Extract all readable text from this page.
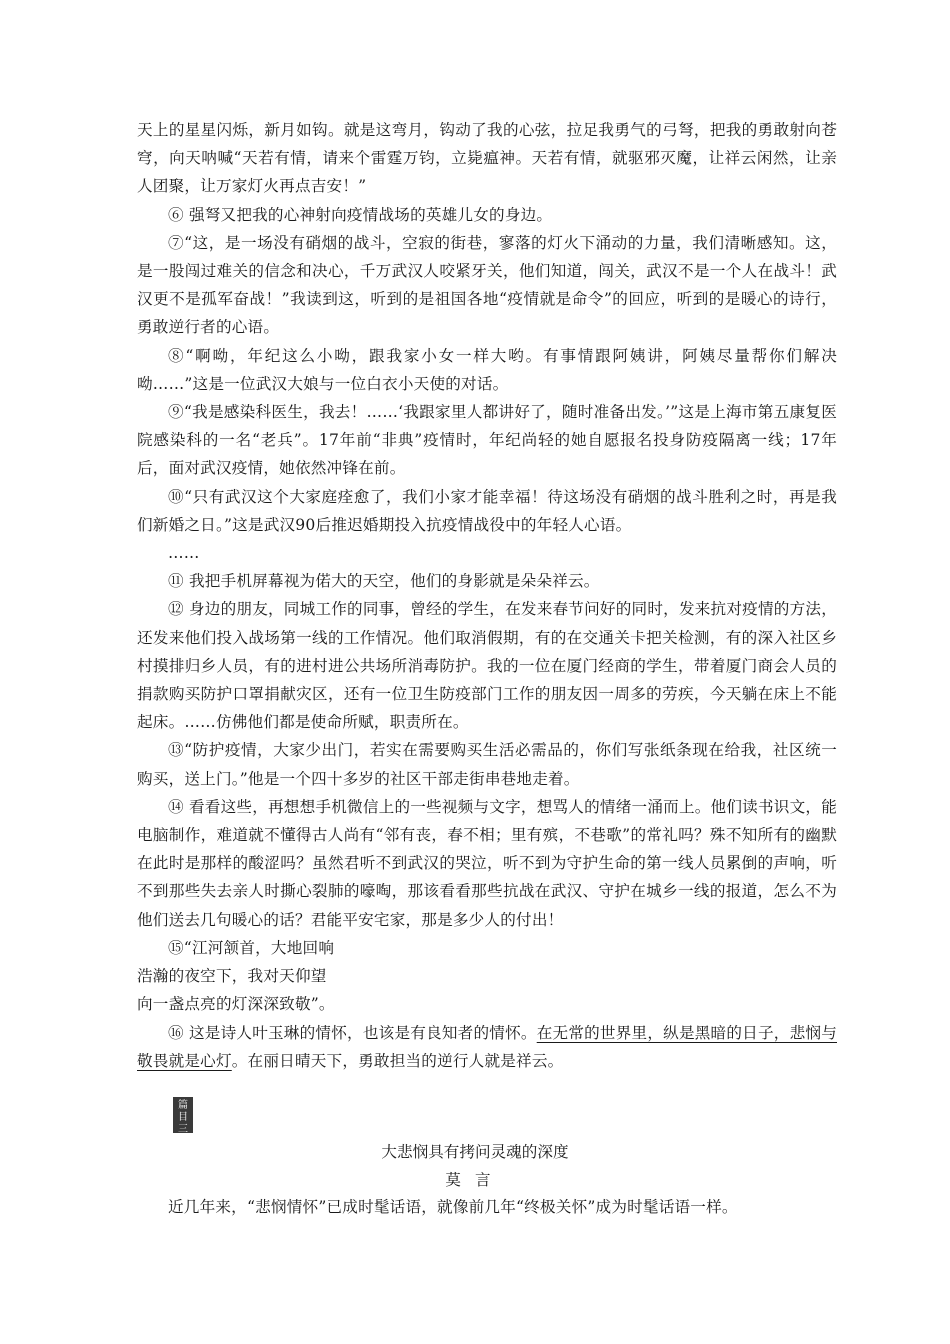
天上的星星闪烁，新月如钩。就是这弯月，钩动了我的心弦，拉足我勇气的弓弩，把我的勇敢射向苍穹，向天呐喊“天若有情，请来个雷霆万钧，立毙瘟神。天若有情，就驱邪灭魔，让祥云闲然，让亲人团聚，让万家灯火再点吉安！”

⑥ 强弩又把我的心神射向疫情战场的英雄儿女的身边。

⑦“这，是一场没有硝烟的战斗，空寂的街巷，寥落的灯火下涌动的力量，我们清晰感知。这，是一股闯过难关的信念和决心，千万武汉人咬紧牙关，他们知道，闯关，武汉不是一个人在战斗！武汉更不是孤军奋战！”我读到这，听到的是祖国各地“疫情就是命令”的回应，听到的是暖心的诗行，勇敢逆行者的心语。

⑧“啊呦，年纪这么小呦，跟我家小女一样大哟。有事情跟阿姨讲，阿姨尽量帮你们解决呦……”这是一位武汉大娘与一位白衣小天使的对话。

⑨“我是感染科医生，我去！……‘我跟家里人都讲好了，随时准备出发。’”这是上海市第五康复医院感染科的一名“老兵”。17年前“非典”疫情时，年纪尚轻的她自愿报名投身防疫隔离一线；17年后，面对武汉疫情，她依然冲锋在前。

⑩“只有武汉这个大家庭痊愈了，我们小家才能幸福！待这场没有硝烟的战斗胜利之时，再是我们新婚之日。”这是武汉90后推迟婚期投入抗疫情战役中的年轻人心语。

……

⑪ 我把手机屏幕视为偌大的天空，他们的身影就是朵朵祥云。

⑫ 身边的朋友，同城工作的同事，曾经的学生，在发来春节问好的同时，发来抗对疫情的方法，还发来他们投入战场第一线的工作情况。他们取消假期，有的在交通关卡把关检测，有的深入社区乡村摸排归乡人员，有的进村进公共场所消毒防护。我的一位在厦门经商的学生，带着厦门商会人员的捐款购买防护口罩捐献灾区，还有一位卫生防疫部门工作的朋友因一周多的劳疾，今天躺在床上不能起床。……仿佛他们都是使命所赋，职责所在。

⑬“防护疫情，大家少出门，若实在需要购买生活必需品的，你们写张纸条现在给我，社区统一购买，送上门。”他是一个四十多岁的社区干部走街串巷地走着。

⑭ 看看这些，再想想手机微信上的一些视频与文字，想骂人的情绪一涌而上。他们读书识文，能电脑制作，难道就不懂得古人尚有“邻有丧，春不相；里有殡，不巷歌”的常礼吗？殊不知所有的幽默在此时是那样的酸涩吗？虽然君听不到武汉的哭泣，听不到为守护生命的第一线人员累倒的声响，听不到那些失去亲人时撕心裂肺的嚎啕，那该看看那些抗战在武汉、守护在城乡一线的报道，怎么不为他们送去几句暖心的话？君能平安宅家，那是多少人的付出！

⑮“江河颔首，大地回响

浩瀚的夜空下，我对天仰望

向一盏点亮的灯深深致敬”。

⑯ 这是诗人叶玉琳的情怀，也该是有良知者的情怀。在无常的世界里，纵是黑暗的日子，悲悯与敬畏就是心灯。在丽日晴天下，勇敢担当的逆行人就是祥云。

篇
目
三
大悲悯具有拷问灵魂的深度
莫言

近几年来，“悲悯情怀”已成时髦话语，就像前几年“终极关怀”成为时髦话语一样。
